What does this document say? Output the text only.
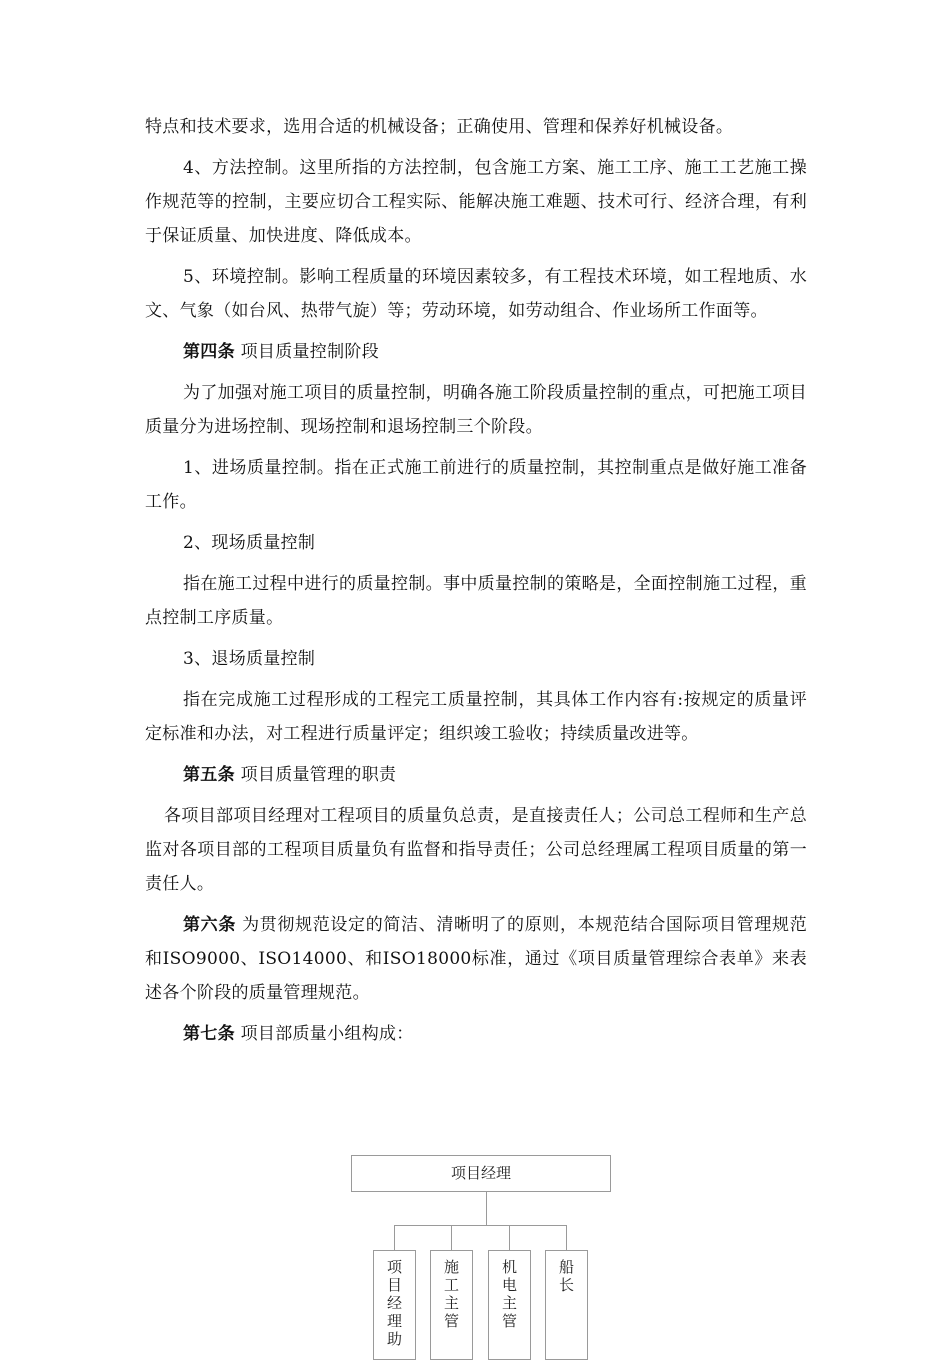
特点和技术要求，选用合适的机械设备；正确使用、管理和保养好机械设备。

4、方法控制。这里所指的方法控制，包含施工方案、施工工序、施工工艺施工操作规范等的控制，主要应切合工程实际、能解决施工难题、技术可行、经济合理，有利于保证质量、加快进度、降低成本。

5、环境控制。影响工程质量的环境因素较多，有工程技术环境，如工程地质、水文、气象（如台风、热带气旋）等；劳动环境，如劳动组合、作业场所工作面等。

第四条 项目质量控制阶段

为了加强对施工项目的质量控制，明确各施工阶段质量控制的重点，可把施工项目质量分为进场控制、现场控制和退场控制三个阶段。

1、进场质量控制。指在正式施工前进行的质量控制，其控制重点是做好施工准备工作。

2、现场质量控制

指在施工过程中进行的质量控制。事中质量控制的策略是，全面控制施工过程，重点控制工序质量。

3、退场质量控制

指在完成施工过程形成的工程完工质量控制，其具体工作内容有:按规定的质量评定标准和办法，对工程进行质量评定；组织竣工验收；持续质量改进等。

第五条 项目质量管理的职责

各项目部项目经理对工程项目的质量负总责，是直接责任人；公司总工程师和生产总监对各项目部的工程项目质量负有监督和指导责任；公司总经理属工程项目质量的第一责任人。

第六条 为贯彻规范设定的简洁、清晰明了的原则，本规范结合国际项目管理规范和ISO9000、ISO14000、和ISO18000标准，通过《项目质量管理综合表单》来表述各个阶段的质量管理规范。

第七条 项目部质量小组构成：

项目经理
项目经理助	施工主管	机电主管	船长
